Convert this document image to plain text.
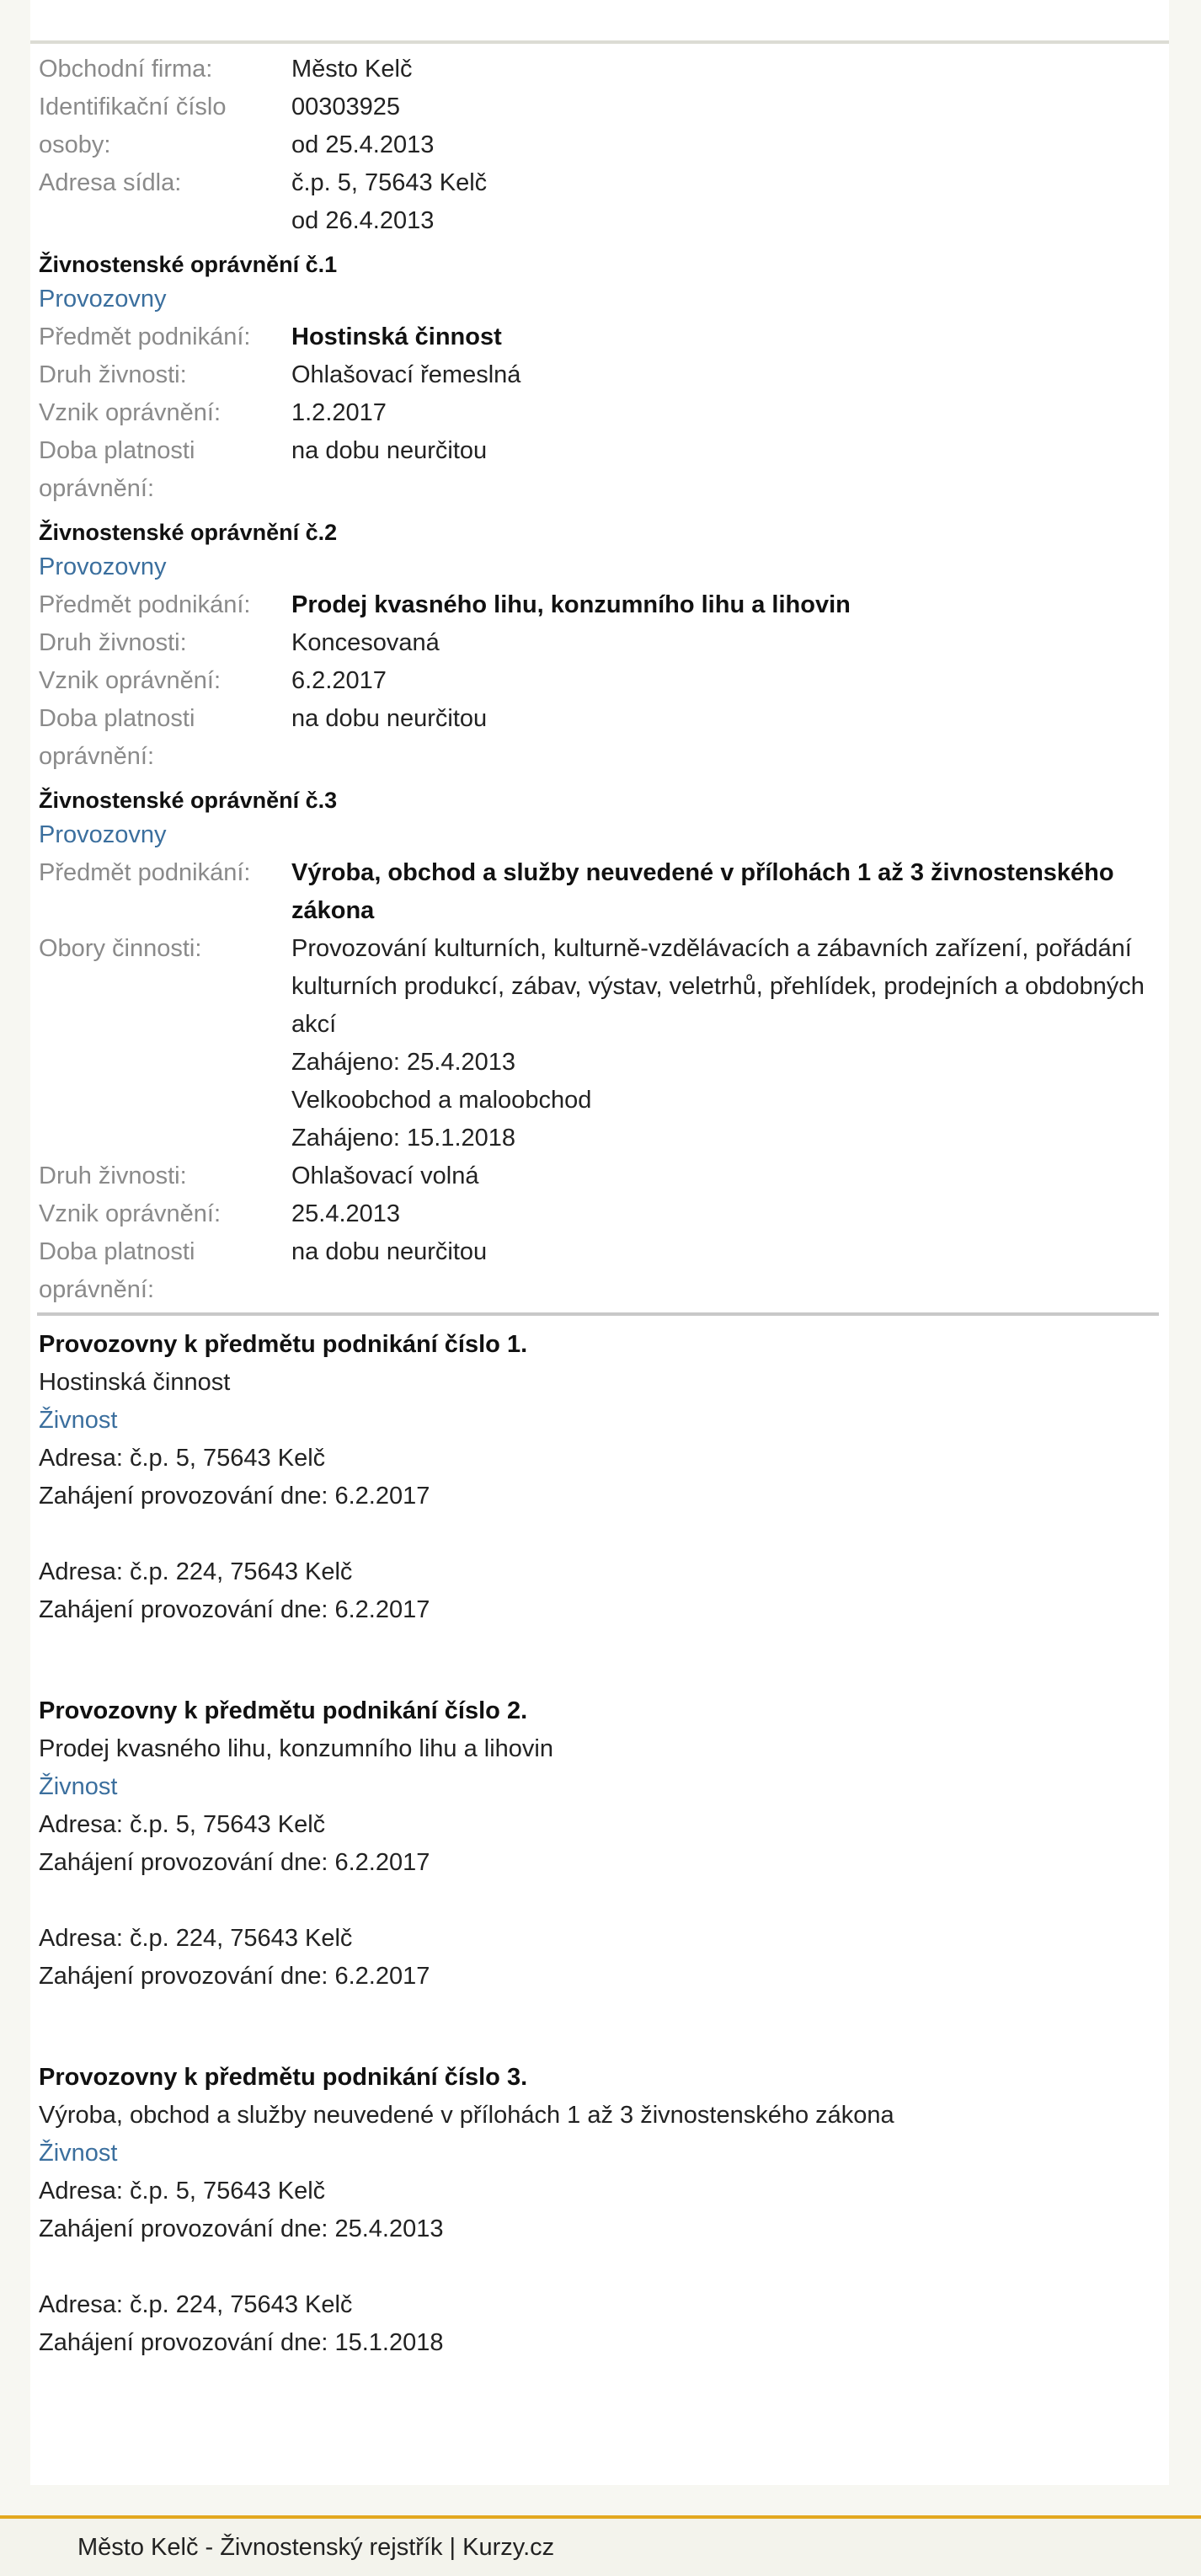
Obchodní firma:	Město Kelč
Identifikační číslo osoby:
00303925
od 25.4.2013
Adresa sídla:	č.p. 5, 75643 Kelč
od 26.4.2013
Živnostenské oprávnění č.1
Provozovny
Předmět podnikání:	Hostinská činnost
Druh živnosti:	Ohlašovací řemeslná
Vznik oprávnění:	1.2.2017
Doba platnosti oprávnění:
na dobu neurčitou
Živnostenské oprávnění č.2
Provozovny
Předmět podnikání:	Prodej kvasného lihu, konzumního lihu a lihovin
Druh živnosti:	Koncesovaná
Vznik oprávnění:	6.2.2017
Doba platnosti oprávnění:
na dobu neurčitou
Živnostenské oprávnění č.3
Provozovny
Předmět podnikání:	Výroba, obchod a služby neuvedené v přílohách 1 až 3 živnostenského zákona
Obory činnosti:	Provozování kulturních, kulturně-vzdělávacích a zábavních zařízení, pořádání kulturních produkcí, zábav, výstav, veletrhů, přehlídek, prodejních a obdobných akcí
Zahájeno: 25.4.2013
Velkoobchod a maloobchod
Zahájeno: 15.1.2018
Druh živnosti:	Ohlašovací volná
Vznik oprávnění:	25.4.2013
Doba platnosti oprávnění:
na dobu neurčitou
Provozovny k předmětu podnikání číslo 1.
Hostinská činnost
Živnost
Adresa: č.p. 5, 75643 Kelč
Zahájení provozování dne: 6.2.2017
Adresa: č.p. 224, 75643 Kelč
Zahájení provozování dne: 6.2.2017
Provozovny k předmětu podnikání číslo 2.
Prodej kvasného lihu, konzumního lihu a lihovin
Živnost
Adresa: č.p. 5, 75643 Kelč
Zahájení provozování dne: 6.2.2017
Adresa: č.p. 224, 75643 Kelč
Zahájení provozování dne: 6.2.2017
Provozovny k předmětu podnikání číslo 3.
Výroba, obchod a služby neuvedené v přílohách 1 až 3 živnostenského zákona
Živnost
Adresa: č.p. 5, 75643 Kelč
Zahájení provozování dne: 25.4.2013
Adresa: č.p. 224, 75643 Kelč
Zahájení provozování dne: 15.1.2018
Město Kelč - Živnostenský rejstřík | Kurzy.cz
